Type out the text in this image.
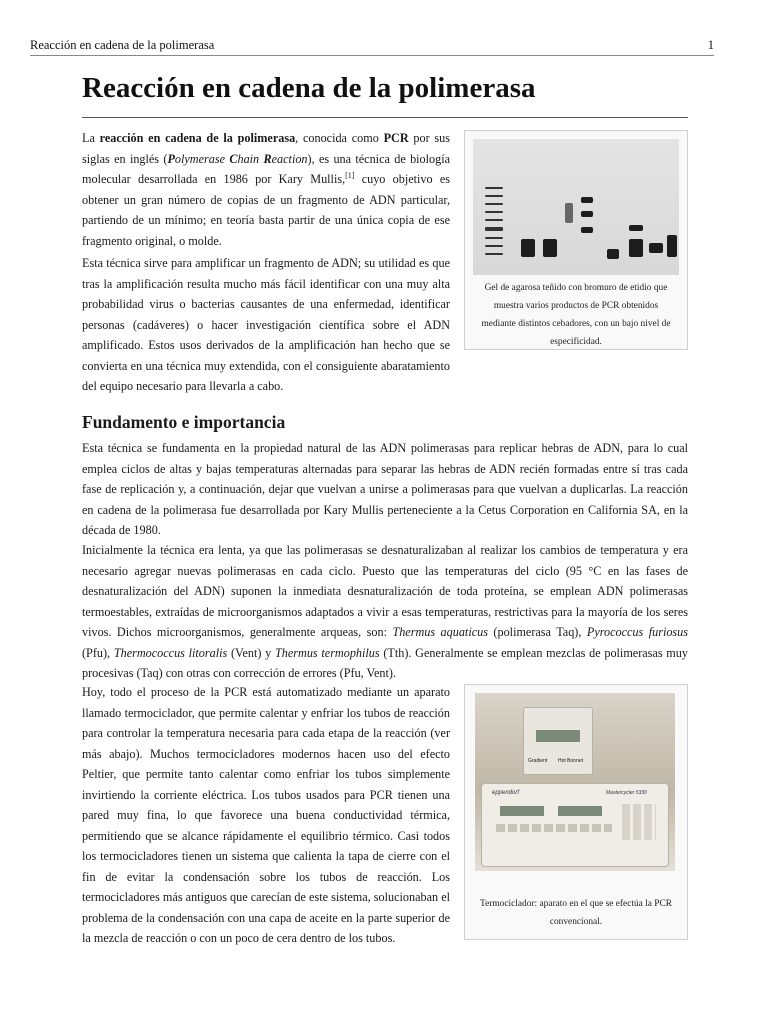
Reacción en cadena de la polimerasa	1
Reacción en cadena de la polimerasa

La reacción en cadena de la polimerasa, conocida como PCR por sus siglas en inglés (Polymerase Chain Reaction), es una técnica de biología molecular desarrollada en 1986 por Kary Mullis,[1] cuyo objetivo es obtener un gran número de copias de un fragmento de ADN particular, partiendo de un mínimo; en teoría basta partir de una única copia de ese fragmento original, o molde.

Esta técnica sirve para amplificar un fragmento de ADN; su utilidad es que tras la amplificación resulta mucho más fácil identificar con una muy alta probabilidad virus o bacterias causantes de una enfermedad, identificar personas (cadáveres) o hacer investigación científica sobre el ADN amplificado. Estos usos derivados de la amplificación han hecho que se convierta en una técnica muy extendida, con el consiguiente abaratamiento del equipo necesario para llevarla a cabo.

Gel de agarosa teñido con bromuro de etidio que muestra varios productos de PCR obtenidos mediante distintos cebadores, con un bajo nivel de especificidad.

Fundamento e importancia

Esta técnica se fundamenta en la propiedad natural de las ADN polimerasas para replicar hebras de ADN, para lo cual emplea ciclos de altas y bajas temperaturas alternadas para separar las hebras de ADN recién formadas entre sí tras cada fase de replicación y, a continuación, dejar que vuelvan a unirse a polimerasas para que vuelvan a duplicarlas. La reacción en cadena de la polimerasa fue desarrollada por Kary Mullis perteneciente a la Cetus Corporation en California SA, en la década de 1980.

Inicialmente la técnica era lenta, ya que las polimerasas se desnaturalizaban al realizar los cambios de temperatura y era necesario agregar nuevas polimerasas en cada ciclo. Puesto que las temperaturas del ciclo (95 °C en las fases de desnaturalización del ADN) suponen la inmediata desnaturalización de toda proteína, se emplean ADN polimerasas termoestables, extraídas de microorganismos adaptados a vivir a esas temperaturas, restrictivas para la mayoría de los seres vivos. Dichos microorganismos, generalmente arqueas, son: Thermus aquaticus (polimerasa Taq), Pyrococcus furiosus (Pfu), Thermococcus litoralis (Vent) y Thermus termophilus (Tth). Generalmente se emplean mezclas de polimerasas muy procesivas (Taq) con otras con corrección de errores (Pfu, Vent).

Hoy, todo el proceso de la PCR está automatizado mediante un aparato llamado termociclador, que permite calentar y enfriar los tubos de reacción para controlar la temperatura necesaria para cada etapa de la reacción (ver más abajo). Muchos termocicladores modernos hacen uso del efecto Peltier, que permite tanto calentar como enfriar los tubos simplemente invirtiendo la corriente eléctrica. Los tubos usados para PCR tienen una pared muy fina, lo que favorece una buena conductividad térmica, permitiendo que se alcance rápidamente el equilibrio térmico. Casi todos los termocicladores tienen un sistema que calienta la tapa de cierre con el fin de evitar la condensación sobre los tubos de reacción. Los termocicladores más antiguos que carecían de este sistema, solucionaban el problema de la condensación con una capa de aceite en la parte superior de la mezcla de reacción o con un poco de cera dentro de los tubos.

Gradient Hot Bonnet
eppendorf	Mastercycler 5330

Termociclador: aparato en el que se efectúa la PCR convencional.
